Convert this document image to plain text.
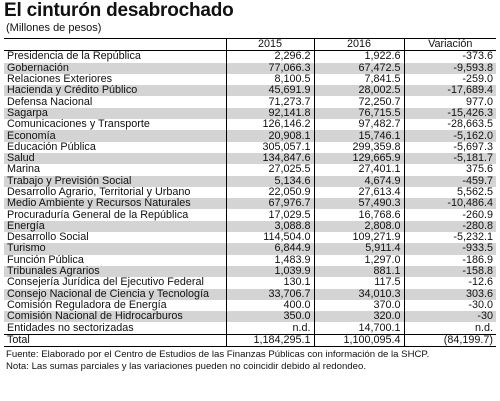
El cinturón desabrochado

(Millones de pesos)

	2015	2016	Variación
Presidencia de la República	2,296.2	1,922.6	-373.6
Gobernación	77,066.3	67,472.5	-9,593.8
Relaciones Exteriores	8,100.5	7,841.5	-259.0
Hacienda y Crédito Público	45,691.9	28,002.5	-17,689.4
Defensa Nacional	71,273.7	72,250.7	977.0
Sagarpa	92,141.8	76,715.5	-15,426.3
Comunicaciones y Transporte	126,146.2	97,482.7	-28,663.5
Economía	20,908.1	15,746.1	-5,162.0
Educación Pública	305,057.1	299,359.8	-5,697.3
Salud	134,847.6	129,665.9	-5,181.7
Marina	27,025.5	27,401.1	375.6
Trabajo y Previsión Social	5,134.6	4,674.9	-459.7
Desarrollo Agrario, Territorial y Urbano	22,050.9	27,613.4	5,562.5
Medio Ambiente y Recursos Naturales	67,976.7	57,490.3	-10,486.4
Procuraduría General de la República	17,029.5	16,768.6	-260.9
Energía	3,088.8	2,808.0	-280.8
Desarrollo Social	114,504.0	109,271.9	-5,232.1
Turismo	6,844.9	5,911.4	-933.5
Función Pública	1,483.9	1,297.0	-186.9
Tribunales Agrarios	1,039.9	881.1	-158.8
Consejería Jurídica del Ejecutivo Federal	130.1	117.5	-12.6
Consejo Nacional de Ciencia y Tecnología	33,706.7	34,010.3	303.6
Comisión Reguladora de Energía	400.0	370.0	-30.0
Comisión Nacional de Hidrocarburos	350.0	320.0	-30
Entidades no sectorizadas	n.d.	14,700.1	n.d.
Total	1,184,295.1	1,100,095.4	(84,199.7)

Fuente: Elaborado por el Centro de Estudios de las Finanzas Públicas con información de la SHCP.

Nota: Las sumas parciales y las variaciones pueden no coincidir debido al redondeo.
